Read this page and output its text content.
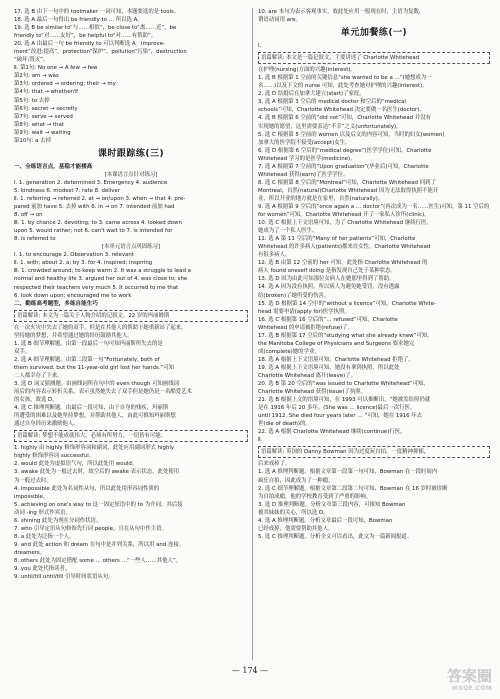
17. 选 B 由下一句中的 toolmaker 一词可知，本题要选的是 tools。
18. 选 A 最后一句得出 be friendly to … 所以选 A。
19. 选 B be similar to“与……相似”，be close to“离……近”，be
friendly to“对……友好”，be helpful to“对……有帮助”。
20. 选 A 由最后一句 be friendly to 可以判断选 A。improve-
ment“改进;提高”，protection“保护”，pollution“污染”，destruction
“破坏;毁灭”。
Ⅱ. 第1句: No one → A few → few
第2句: am → was
第3句: ordered → ordering; their → my
第4句: that → whether/if
第5句: to 去掉
第6句: secret → secretly
第7句: serve → served
第8句: what → that
第9句: wait → waiting
第10句: a 去掉
课时跟踪练(三)
一、全练语言点，基稳才能楼高
[本课语言点针对练习]
Ⅰ. 1. generation 2. determined 3. Emergency 4. audience
5. kindness 6. modest 7. rate 8. deliver
Ⅱ. 1. referring → referred 2. at → on/upon 3. when → that 4. pre-
pared 前加 have 5. 去掉 with 6. in → on 7. intended 前加 had
8. off → on
Ⅲ. 1. by chance 2. devoting; to 3. came across 4. looked down
upon 5. would rather; not 6. can't wait to 7. is intended for
8. is referred to
[本单元语言点巩固练习]
Ⅰ. 1. to encourage 2. Observation 3. relevant
Ⅱ. 1. with; about 2. a; by 3. for 4. inspired; inspiring
Ⅲ. 1. crowded around; to keep warm 2. It was a struggle to lead a
normal and healthy life 3. argued her out of 4. was close to; she
respected their teachers very much 5. It occurred to me that
6. look down upon; encouraged me to work
二、勤练高考题型，多练自能生巧
语篇解读: 本文为一篇关于人物介绍的记叙文。22 岁的玛丽姆斯
在一次火灾中失去了她的双手，但是在其他人的帮助下她重新站了起来，
坚持她的梦想，并希望通过她的经历鼓励其他人。
1. 选 B 细节理解题。由第一段最后一句可知玛丽斯所失去的是
双手。
2. 选 A 细节理解题。由第二段第一句“Fortunately, both of
them survived. but the 11-year-old girl lost her hands.”可知
二人都幸存了下来。
3. 选 D 词义猜测题。由画线词所在句中的 even though 可知画线词
前后的内容表示转折关系，表示虽然她失去了双手但是她仍是一名酷爱艺术
的女孩，故选 D。
4. 选 C 推理判断题。由最后一段可知，由于自身的残疾，玛丽斯
所遭受的困难以及她坚持梦想，并帮助其他人，由此可推知玛丽斯想
通过自身经历来激励他人。
语篇解读: 梦想不能成就伟大，必须有所努力，一切皆有可能。
1. highly 由 highly 修饰形容词和副词，此处应用副词形式 highly
highly 修饰形容词 successful。
2. would 此处为虚拟语气句，所以此处用 would。
3. awake 此处为一般过去时，故空后的 awake 表示状态，此处使用
为一般过去时。
4. impossible 此处为名词性从句，所以此处用形容词性质的
impossible。
5. achieving on one's way to 这一固定短语中的 to 为介词，其后接
动词 -ing 形式作宾语。
6. shining 此处为现在分词作状语。
7. who 引导定语从句修饰先行词 people，且在从句中作主语。
8. a 此处为泛指一个人。
9. and 此处 action 和 dream 在句中是并列关系，所以用 and 连接。
dreamers。
8. others 此处为固定搭配 some … others …“一些人……其他人”。
9. you 此处代指读者。
9. until/till until/till 引导时间状语从句。
10. are 本句为表示客观事实，故此处应用一般现在时，主语为复数，
谓语动词用 are。
单元加餐练(一)
Ⅰ.
语篇解读: 本文是一篇记叙文，主要讲述了 Charlotte Whitehead
在护理(nursing)方面的兴趣(interest)。
1. 选 B 根据第 1 空前的关键信息“she wanted to be a …”(她想成为一
名……)以及下文的 nurse 可知，此处考查她对护理的兴趣(interest)。
2. 选 D 结婚后在加拿大建立(start)了家庭。
3. 选 A 根据第 3 空后的 medical doctor 和空后的“medical
schools”可知，Charlotte Whitehead 决定要做一名医生(doctor)。
4. 选 B 根据第 6 空前的“did not”可知，Charlotte Whitehead 并没有
实现她的愿望，这里需要表达“不幸”之义(unfortunately)。
5. 选 C 根据第 5 空前的 women 以及后文的内容可知，当时的妇女(women)
加拿大的医学院不接受(accept)女生。
6. 选 D 根据第 6 空后的“medical degree”(医学学位)可知，Charlotte
Whitehead 学习的是医学(medicine)。
7. 选 A 根据第 7 空前的“Upon graduation”(毕业后)可知，Charlotte
Whitehead 获得(earn)了医学学位。
8. 选 C 根据第 8 空后的“Montreal”可知，Charlotte Whitehead 回到了
Montreal，自然(natural)Charlotte Whitehead 因为无法取得执照不能开
业，所以开业的地方就是在家里，自然(naturally)。
9. 选 A 根据第 9 空后的“once again a … doctor”(再次成为一名……医生)可知，第 11 空后的
for women”可知，Charlotte Whitehead 开了一家私人诊所(clinic)。
10. 选 C 根据上下文语境可知，为了 Charlotte Whitehead 继续行医，
她成为了一个私人医生。
11. 选 A 第 11 空后的“Many of her patients”可知，Charlotte
Whitehead 的许多病人(patients)都来自女性，Charlotte Whitehead
有很多病人。
12. 选 B 由第 12 空前的 her 可知，此处指 Charlotte Whitehead 的
病人 found oneself doing 是指发现自己处于某种状态。
13. 选 D 因为由此可知那位女病人在她那里得到了帮助。
14. 选 A 因为没有执照，所以病人为避免她受罚，没有透露
给(broken)了她所受的伤害。
15. 选 D 根据第 14 空中的“without a licence”可知，Charlotte White-
head 需要申请(apply for)医学执照。
16. 选 C 根据第 16 空后的“… refused”可知，Charlotte
Whitehead 的申请被拒绝(refuse)了。
17. 选 B 根据第 17 空后的“studying what she already knew”可知，
the Manitoba College of Physicians and Surgeons 要求她完
成(complete)她的学业。
18. 选 A 根据上下文语境可知，Charlotte Whitehead 拒绝了。
19. 选 A 根据上下文语境可知，她没有拿到执照，所以此处
Charlotte Whitehead 离开(leave)了。
20. 选 B 第 20 空后的“was issued to Charlotte Whitehead”可知，
Charlotte Whitehead 获得(issue)了执照。
21. 选 B 根据上文的语境可知，在 1993 可以推断出，“她被发给照仍就
是在 1916 年后 20 多年。(She was … licence)最后一次行医。
until 1912. She died four years later … ”可知，她在 1916 年去
世(die of death)的。
22. 选 A 根据 Charlotte Whitehead 继续(continue)行医。
Ⅱ.
语篇解读: 英国的 Danny Bowman 因为过度玩自拍，一度精神抑郁，
后来戒掉了。
1. 选 A 推理判断题。根据文章第一段第一句可知，Bowman 在一段时间内
疯狂自拍，因此成为了一种瘾。
2. 选 C 细节理解题。根据文章第二段第二句可知，Bowman 在 16 岁时被诊断
为自拍成瘾，他的学校教育受到了严重的影响。
3. 选 D 推理判断题。分析文章第三段内容，可推知 Bowman
被其妹妹的关心，所以选 D。
4. 选 A 推理判断题。分析文章最后一段可知，Bowman
已经戒掉，他需要帮助其他人。
5. 选 C 推理判断题。分析全文可以看出，此文为一篇新闻报道。
— 174 —	答案圈
MXQE.COM
